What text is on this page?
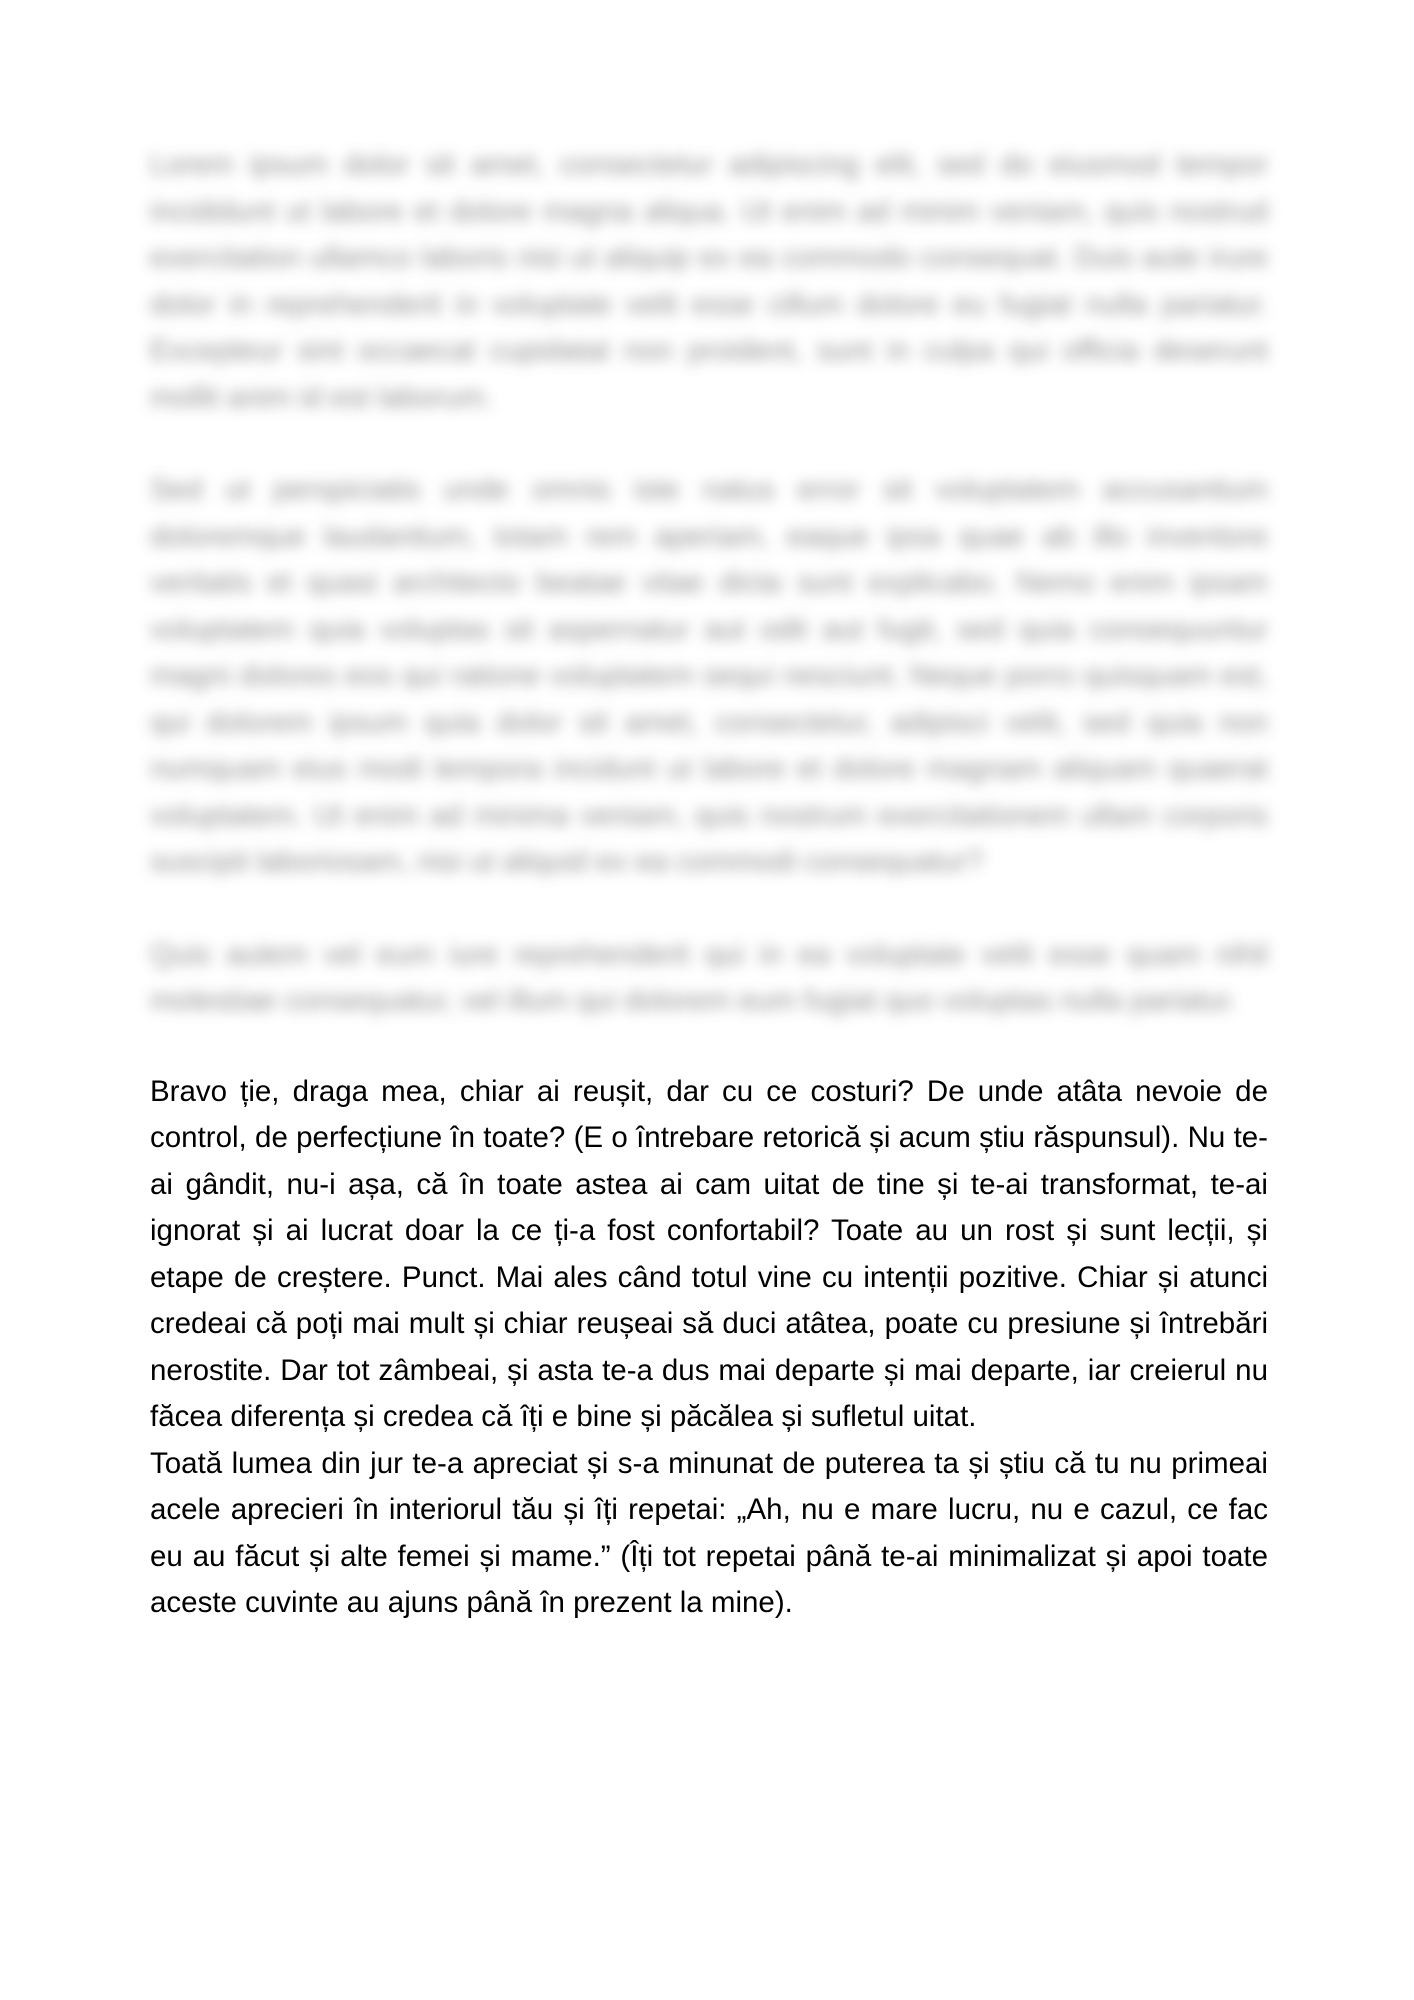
Lorem ipsum dolor sit amet, consectetur adipiscing elit, sed do eiusmod tempor incididunt ut labore et dolore magna aliqua. Ut enim ad minim veniam, quis nostrud exercitation ullamco laboris nisi ut aliquip ex ea commodo consequat. Duis aute irure dolor in reprehenderit in voluptate velit esse cillum dolore eu fugiat nulla pariatur. Excepteur sint occaecat cupidatat non proident, sunt in culpa qui officia deserunt mollit anim id est laborum.

Sed ut perspiciatis unde omnis iste natus error sit voluptatem accusantium doloremque laudantium, totam rem aperiam, eaque ipsa quae ab illo inventore veritatis et quasi architecto beatae vitae dicta sunt explicabo. Nemo enim ipsam voluptatem quia voluptas sit aspernatur aut odit aut fugit, sed quia consequuntur magni dolores eos qui ratione voluptatem sequi nesciunt. Neque porro quisquam est, qui dolorem ipsum quia dolor sit amet, consectetur, adipisci velit, sed quia non numquam eius modi tempora incidunt ut labore et dolore magnam aliquam quaerat voluptatem. Ut enim ad minima veniam, quis nostrum exercitationem ullam corporis suscipit laboriosam, nisi ut aliquid ex ea commodi consequatur?

Quis autem vel eum iure reprehenderit qui in ea voluptate velit esse quam nihil molestiae consequatur, vel illum qui dolorem eum fugiat quo voluptas nulla pariatur.

Bravo ție, draga mea, chiar ai reușit, dar cu ce costuri? De unde atâta nevoie de control, de perfecțiune în toate? (E o întrebare retorică și acum știu răspunsul). Nu te-ai gândit, nu-i așa, că în toate astea ai cam uitat de tine și te-ai transformat, te-ai ignorat și ai lucrat doar la ce ți-a fost confortabil? Toate au un rost și sunt lecții, și etape de creștere. Punct. Mai ales când totul vine cu intenții pozitive. Chiar și atunci credeai că poți mai mult și chiar reușeai să duci atâtea, poate cu presiune și întrebări nerostite. Dar tot zâmbeai, și asta te-a dus mai departe și mai departe, iar creierul nu făcea diferența și credea că îți e bine și păcălea și sufletul uitat.

Toată lumea din jur te-a apreciat și s-a minunat de puterea ta și știu că tu nu primeai acele aprecieri în interiorul tău și îți repetai: „Ah, nu e mare lucru, nu e cazul, ce fac eu au făcut și alte femei și mame.” (Îți tot repetai până te-ai minimalizat și apoi toate aceste cuvinte au ajuns până în prezent la mine).
